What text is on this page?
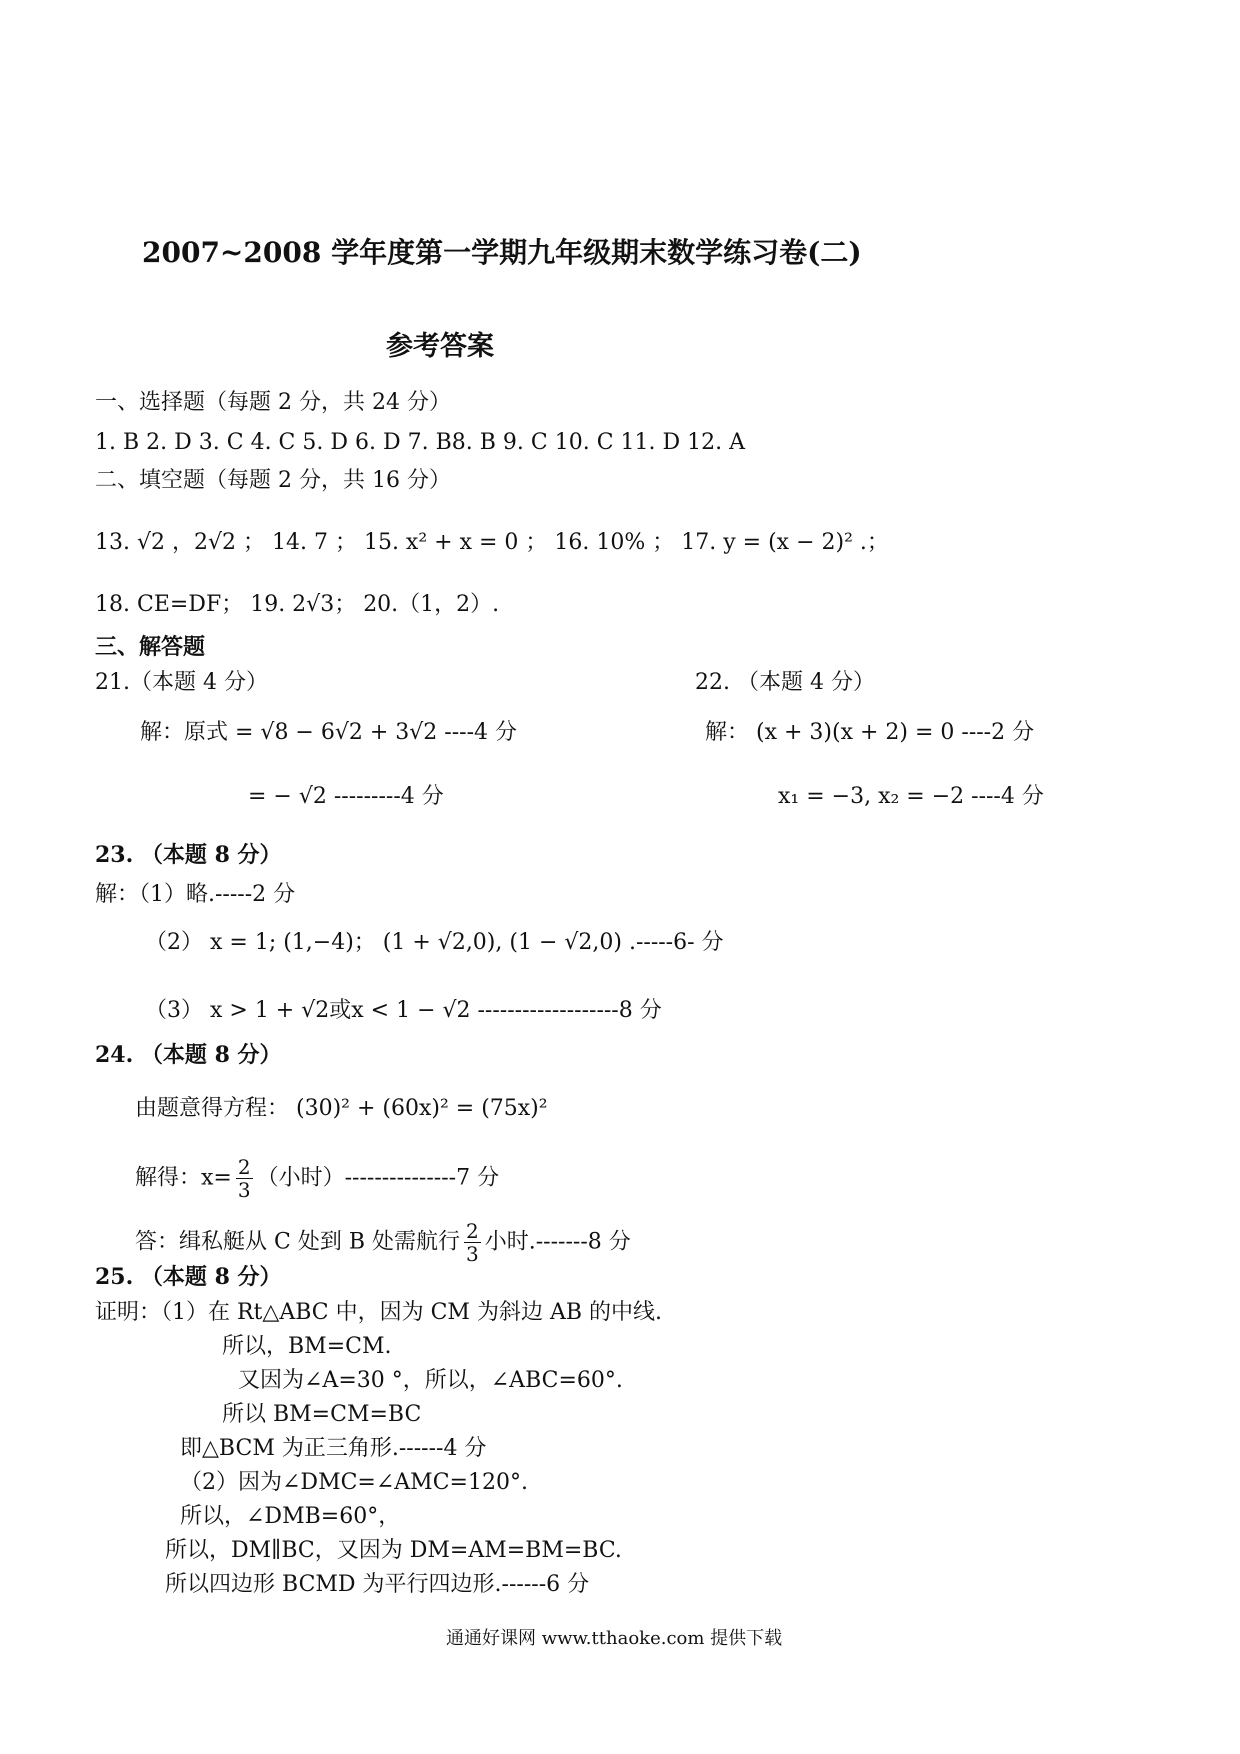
2007~2008 学年度第一学期九年级期末数学练习卷(二)
参考答案
一、选择题（每题 2 分，共 24 分）
1. B 2. D 3. C 4. C 5. D 6. D 7. B8. B 9. C 10. C 11. D 12. A
二、填空题（每题 2 分，共 16 分）
13. √2 ，2√2 ； 14. 7 ； 15. x² + x = 0 ； 16. 10% ； 17. y = (x − 2)² .；
18. CE=DF； 19. 2√3； 20.（1，2）.
三、解答题
21.（本题 4 分）
解：原式 = √8 − 6√2 + 3√2 ----4 分
= − √2 ---------4 分
22. （本题 4 分）
解： (x + 3)(x + 2) = 0 ----2 分
x₁ = −3, x₂ = −2 ----4 分
23. （本题 8 分）
解：（1）略.-----2 分
（2） x = 1; (1,−4)； (1 + √2,0), (1 − √2,0) .-----6- 分
（3） x > 1 + √2或x < 1 − √2 -------------------8 分
24. （本题 8 分）
由题意得方程： (30)² + (60x)² = (75x)²
解得：$x= \frac{2}{3}$ （小时）---------------7 分
答：缉私艇从 C 处到 B 处需航行 $\frac{2}{3}$ 小时.-------8 分
25. （本题 8 分）
证明：（1）在 Rt△ABC 中，因为 CM 为斜边 AB 的中线.
所以，BM=CM.
又因为∠A=30 °，所以，∠ABC=60°.
所以 BM=CM=BC
即△BCM 为正三角形.------4 分
（2）因为∠DMC=∠AMC=120°.
所以，∠DMB=60°，
所以，DM∥BC，又因为 DM=AM=BM=BC.
所以四边形 BCMD 为平行四边形.------6 分
通通好课网 www.tthaoke.com 提供下载
